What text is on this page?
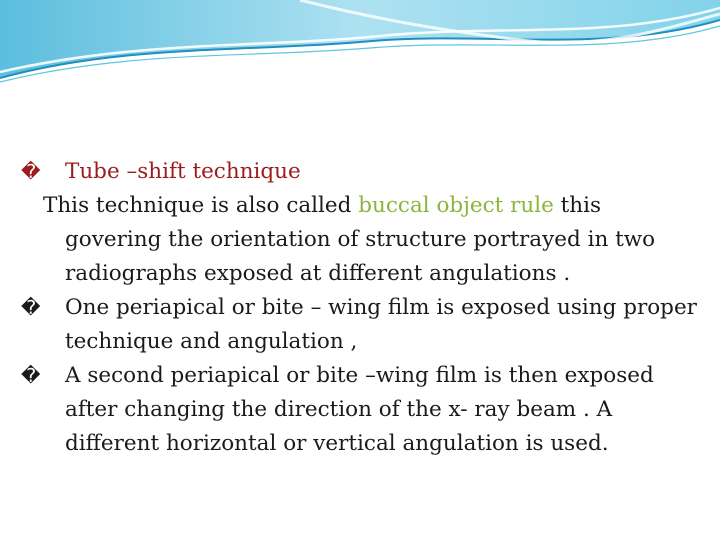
� Tube –shift technique

This technique is also called buccal object rule this govering the orientation of structure portrayed in two radiographs exposed at different angulations .

� One periapical or bite – wing film is exposed using proper technique and angulation ,

� A second periapical or bite –wing film is then exposed after changing the direction of the x- ray beam . A different horizontal or vertical angulation is used.
